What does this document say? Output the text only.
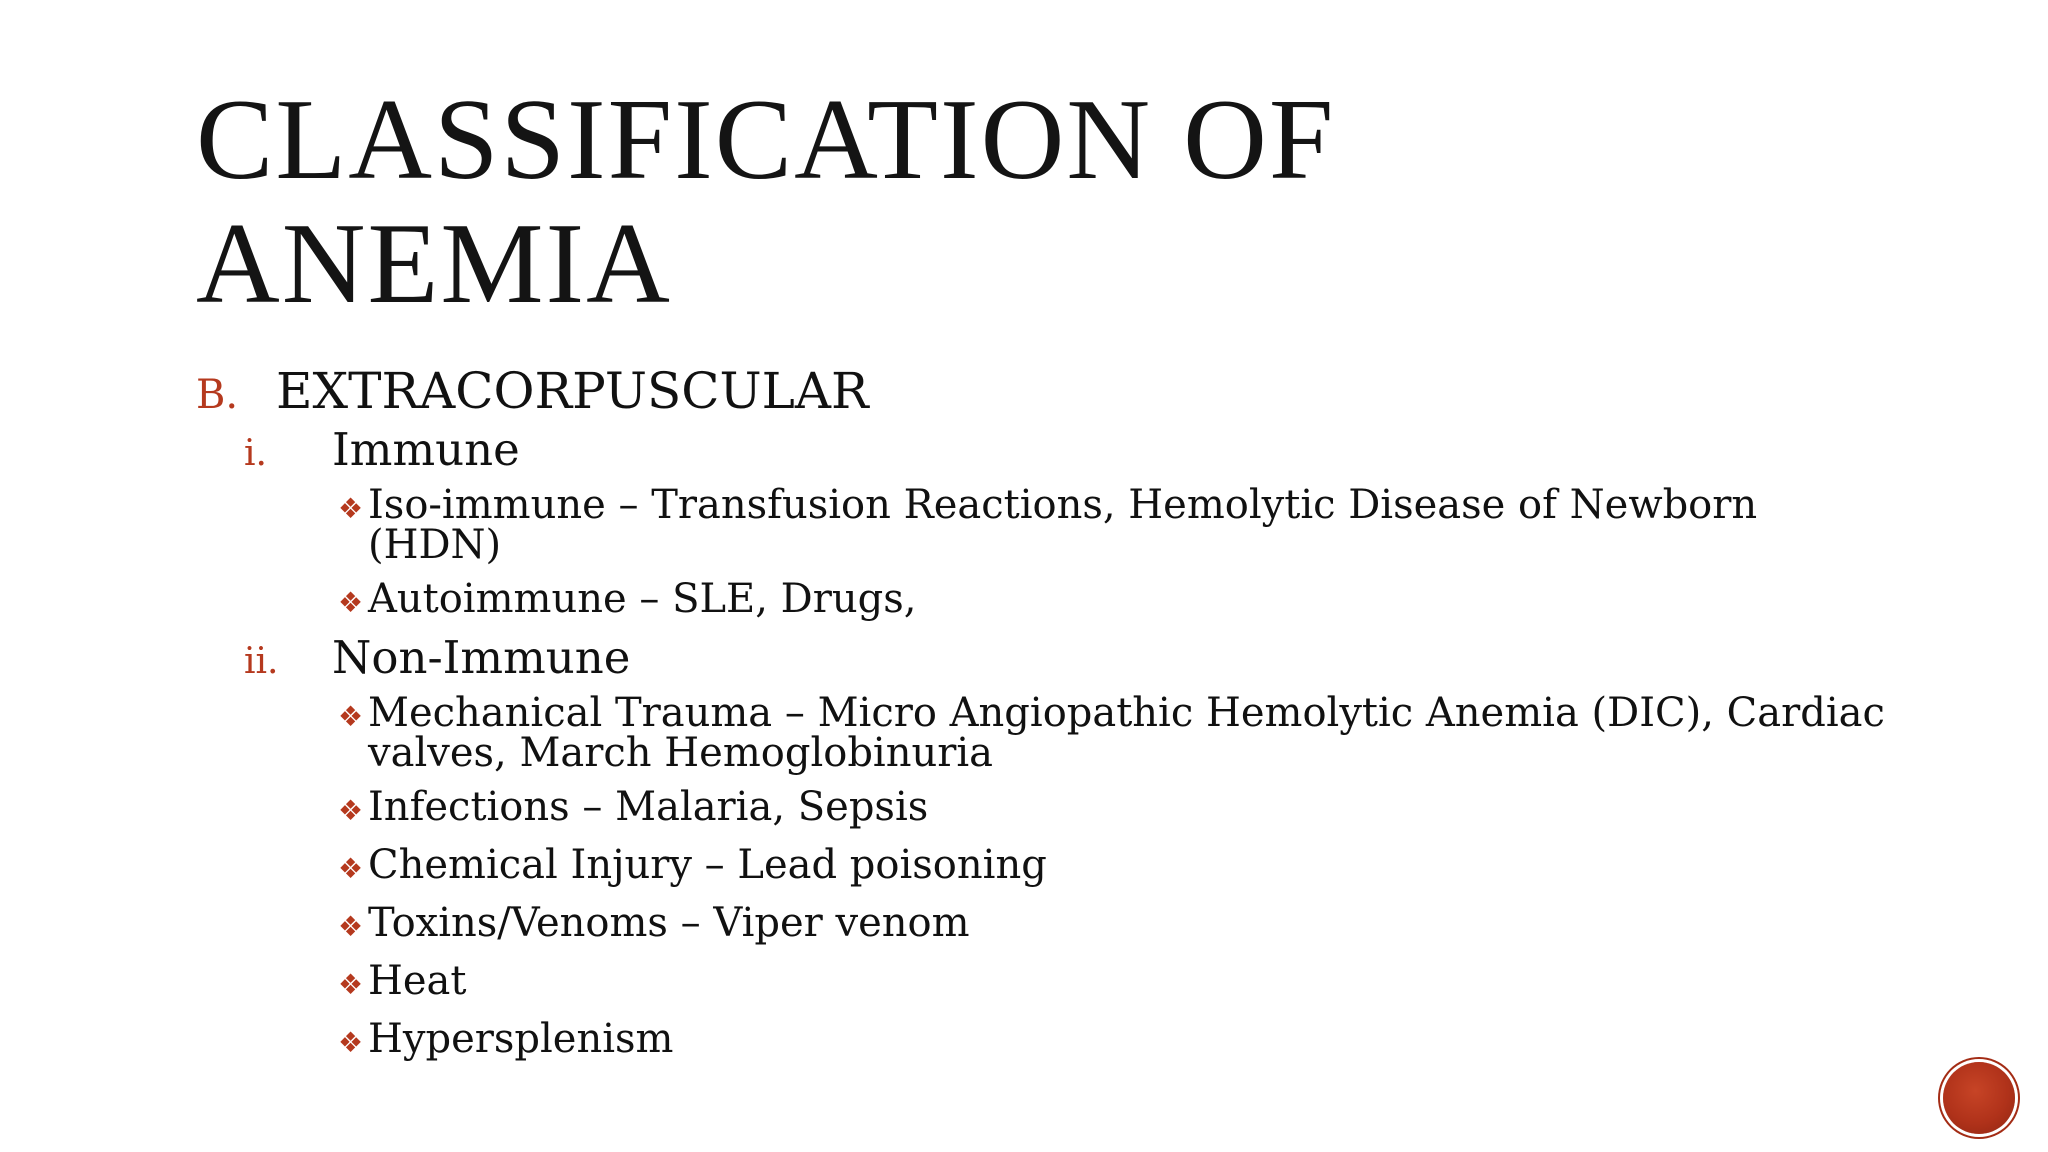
CLASSIFICATION OF
ANEMIA
B. EXTRACORPUSCULAR
i.	Immune
❖ Iso-immune – Transfusion Reactions, Hemolytic Disease of Newborn (HDN)
❖ Autoimmune – SLE, Drugs,
ii.	Non-Immune
❖ Mechanical Trauma – Micro Angiopathic Hemolytic Anemia (DIC), Cardiac valves, March Hemoglobinuria
❖ Infections – Malaria, Sepsis
❖ Chemical Injury – Lead poisoning
❖ Toxins/Venoms – Viper venom
❖ Heat
❖ Hypersplenism
